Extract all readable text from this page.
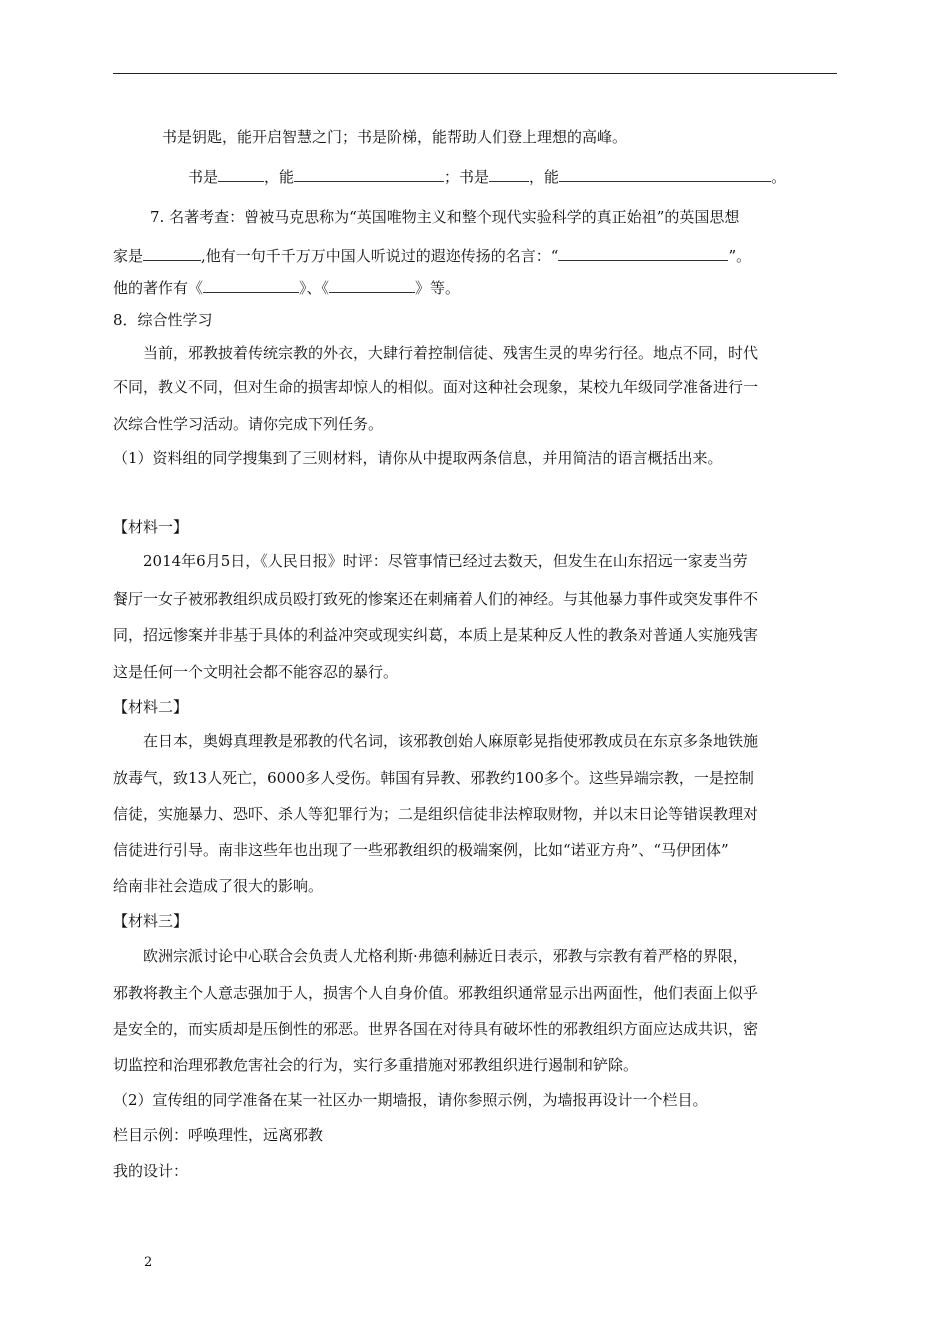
书是钥匙，能开启智慧之门；书是阶梯，能帮助人们登上理想的高峰。
书是	，能	；书是	，能	。
7. 名著考查：曾被马克思称为“英国唯物主义和整个现代实验科学的真正始祖”的英国思想
家是	,他有一句千千万万中国人听说过的遐迩传扬的名言：“	”。
他的著作有《	》、《	》等。
8．综合性学习
当前，邪教披着传统宗教的外衣，大肆行着控制信徒、残害生灵的卑劣行径。地点不同，时代
不同，教义不同，但对生命的损害却惊人的相似。面对这种社会现象，某校九年级同学准备进行一
次综合性学习活动。请你完成下列任务。
（1）资料组的同学搜集到了三则材料，请你从中提取两条信息，并用简洁的语言概括出来。
【材料一】
2014年6月5日，《人民日报》时评：尽管事情已经过去数天，但发生在山东招远一家麦当劳
餐厅一女子被邪教组织成员殴打致死的惨案还在刺痛着人们的神经。与其他暴力事件或突发事件不
同，招远惨案并非基于具体的利益冲突或现实纠葛，本质上是某种反人性的教条对普通人实施残害
这是任何一个文明社会都不能容忍的暴行。
【材料二】
在日本，奥姆真理教是邪教的代名词，该邪教创始人麻原彰晃指使邪教成员在东京多条地铁施
放毒气，致13人死亡，6000多人受伤。韩国有异教、邪教约100多个。这些异端宗教，一是控制
信徒，实施暴力、恐吓、杀人等犯罪行为；二是组织信徒非法榨取财物，并以末日论等错误教理对
信徒进行引导。南非这些年也出现了一些邪教组织的极端案例，比如“诺亚方舟”、“马伊团体”
给南非社会造成了很大的影响。
【材料三】
欧洲宗派讨论中心联合会负责人尤格利斯·弗德利赫近日表示，邪教与宗教有着严格的界限，
邪教将教主个人意志强加于人，损害个人自身价值。邪教组织通常显示出两面性，他们表面上似乎
是安全的，而实质却是压倒性的邪恶。世界各国在对待具有破坏性的邪教组织方面应达成共识，密
切监控和治理邪教危害社会的行为，实行多重措施对邪教组织进行遏制和铲除。
（2）宣传组的同学准备在某一社区办一期墙报，请你参照示例，为墙报再设计一个栏目。
栏目示例：呼唤理性，远离邪教
我的设计：
2
